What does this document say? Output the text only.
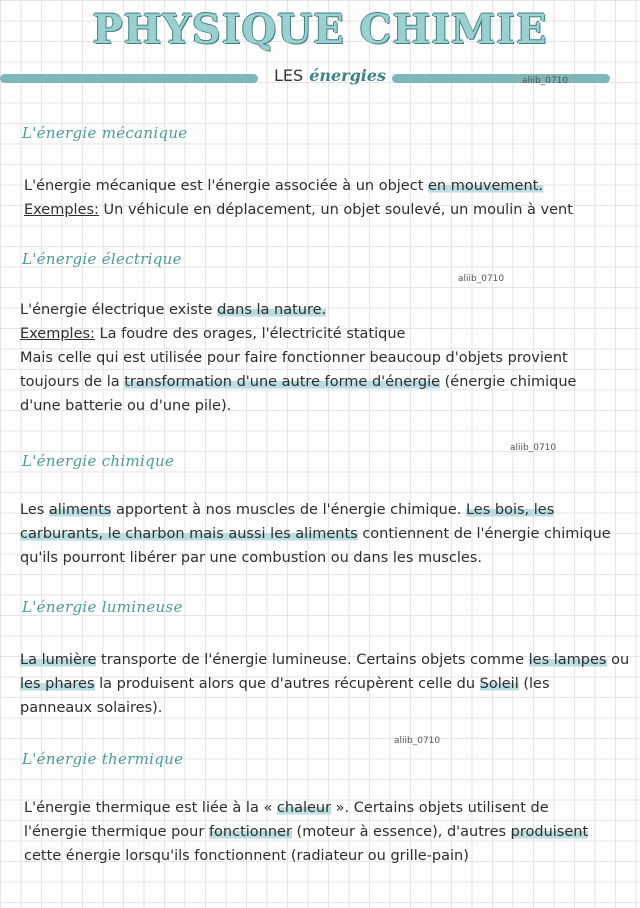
PHYSIQUE CHIMIE
LES énergies	aliib_0710
L'énergie mécanique
L'énergie mécanique est l'énergie associée à un object en mouvement.
Exemples: Un véhicule en déplacement, un objet soulevé, un moulin à vent
L'énergie électrique
aliib_0710
L'énergie électrique existe dans la nature.
Exemples: La foudre des orages, l'électricité statique
Mais celle qui est utilisée pour faire fonctionner beaucoup d'objets provient
toujours de la transformation d'une autre forme d'énergie (énergie chimique
d'une batterie ou d'une pile).
aliib_0710
L'énergie chimique
Les aliments apportent à nos muscles de l'énergie chimique. Les bois, les
carburants, le charbon mais aussi les aliments contiennent de l'énergie chimique
qu'ils pourront libérer par une combustion ou dans les muscles.
L'énergie lumineuse
La lumière transporte de l'énergie lumineuse. Certains objets comme les lampes ou
les phares la produisent alors que d'autres récupèrent celle du Soleil (les
panneaux solaires).
aliib_0710
L'énergie thermique
L'énergie thermique est liée à la « chaleur ». Certains objets utilisent de
l'énergie thermique pour fonctionner (moteur à essence), d'autres produisent
cette énergie lorsqu'ils fonctionnent (radiateur ou grille-pain)
